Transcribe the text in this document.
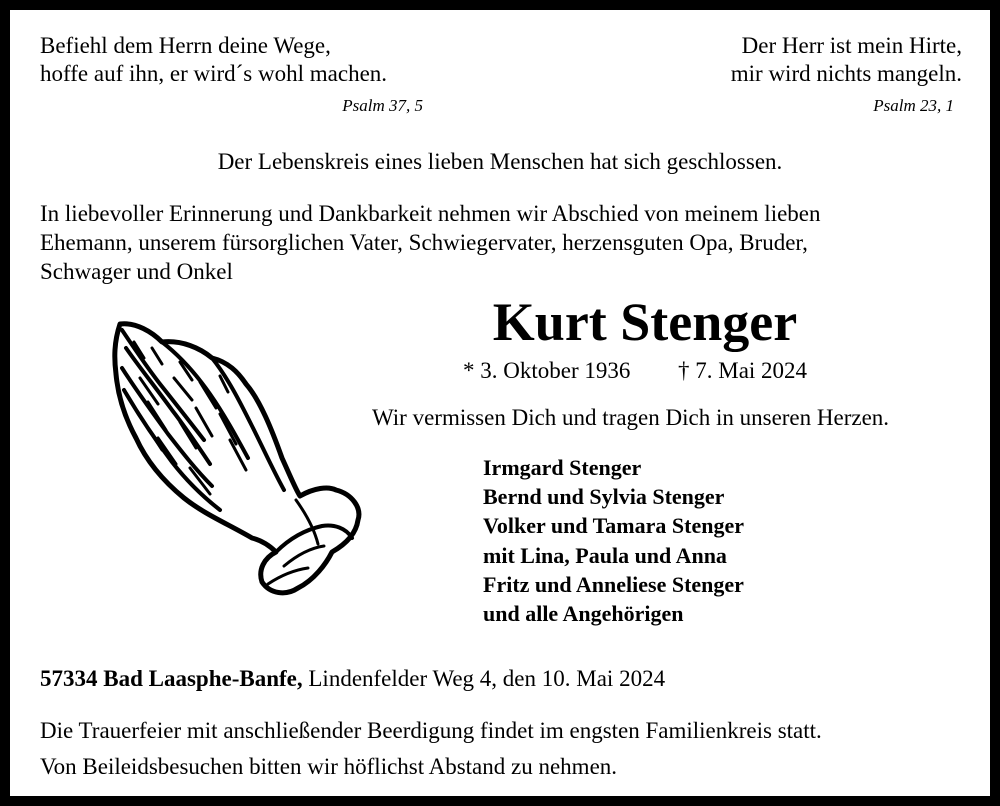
Befiehl dem Herrn deine Wege,
hoffe auf ihn, er wird´s wohl machen.
Psalm 37, 5
Der Herr ist mein Hirte,
mir wird nichts mangeln.
Psalm 23, 1
Der Lebenskreis eines lieben Menschen hat sich geschlossen.
In liebevoller Erinnerung und Dankbarkeit nehmen wir Abschied von meinem lieben
Ehemann, unserem fürsorglichen Vater, Schwiegervater, herzensguten Opa, Bruder,
Schwager und Onkel
Kurt Stenger
* 3. Oktober 1936 † 7. Mai 2024
Wir vermissen Dich und tragen Dich in unseren Herzen.
Irmgard Stenger
Bernd und Sylvia Stenger
Volker und Tamara Stenger
mit Lina, Paula und Anna
Fritz und Anneliese Stenger
und alle Angehörigen
57334 Bad Laasphe-Banfe, Lindenfelder Weg 4, den 10. Mai 2024
Die Trauerfeier mit anschließender Beerdigung findet im engsten Familienkreis statt.
Von Beileidsbesuchen bitten wir höflichst Abstand zu nehmen.
